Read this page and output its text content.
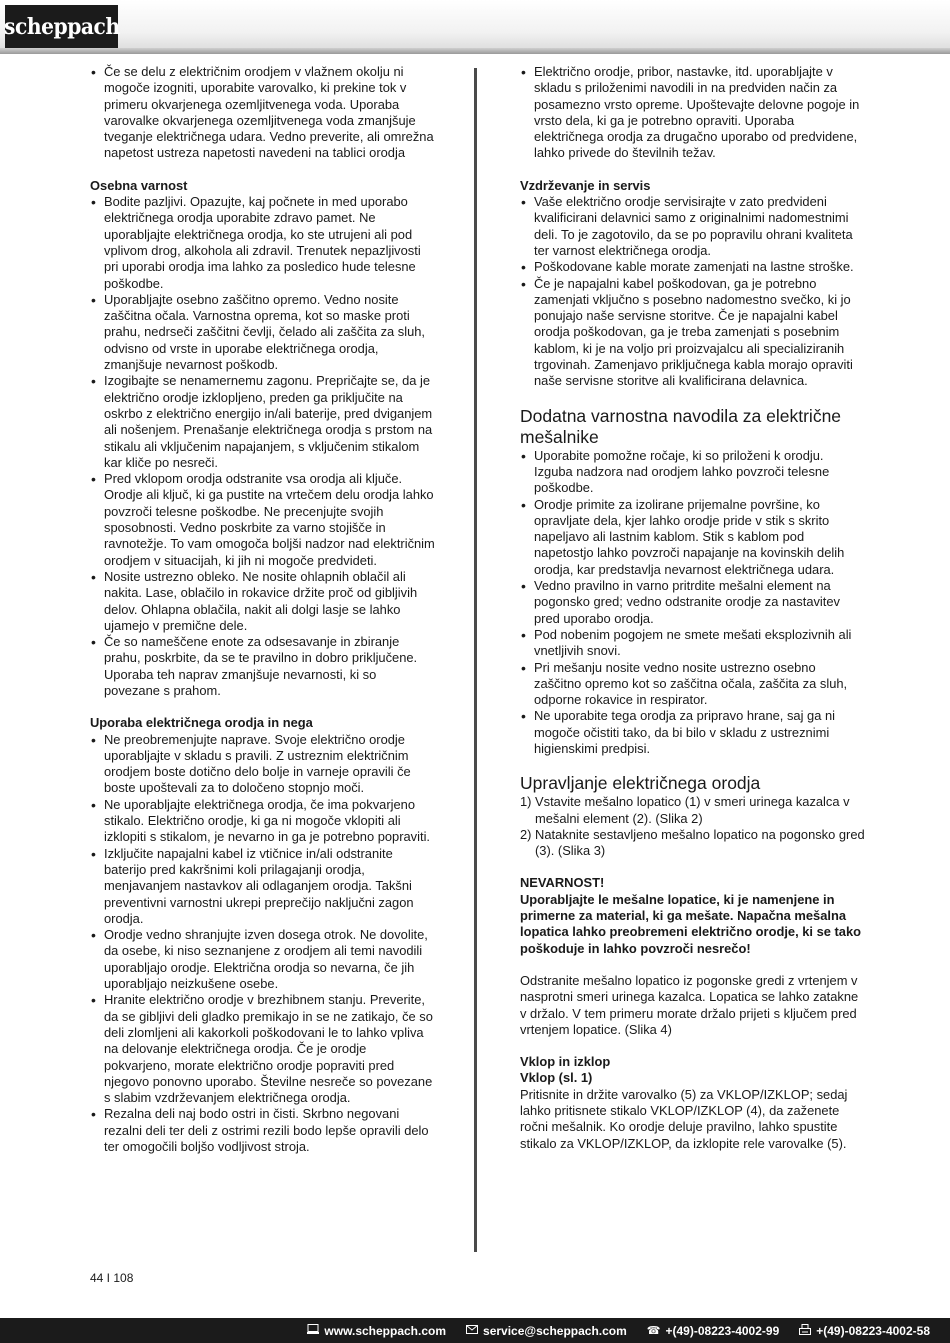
scheppach
• Če se delu z električnim orodjem v vlažnem okolju ni mogoče izogniti, uporabite varovalko, ki prekine tok v primeru okvarjenega ozemljitvenega voda. Uporaba varovalke okvarjenega ozemljitvenega voda zmanjšuje tveganje električnega udara. Vedno preverite, ali omrežna napetost ustreza napetosti navedeni na tablici orodja

Osebna varnost

• Bodite pazljivi. Opazujte, kaj počnete in med uporabo električnega orodja uporabite zdravo pamet. Ne uporabljajte električnega orodja, ko ste utrujeni ali pod vplivom drog, alkohola ali zdravil. Trenutek nepazljivosti pri uporabi orodja ima lahko za posledico hude telesne poškodbe.
• Uporabljajte osebno zaščitno opremo. Vedno nosite zaščitna očala. Varnostna oprema, kot so maske proti prahu, nedrseči zaščitni čevlji, čelado ali zaščita za sluh, odvisno od vrste in uporabe električnega orodja, zmanjšuje nevarnost poškodb.
• Izogibajte se nenamernemu zagonu. Prepričajte se, da je električno orodje izklopljeno, preden ga priključite na oskrbo z električno energijo in/ali baterije, pred dviganjem ali nošenjem. Prenašanje električnega orodja s prstom na stikalu ali vključenim napajanjem, s vključenim stikalom kar kliče po nesreči.
• Pred vklopom orodja odstranite vsa orodja ali ključe. Orodje ali ključ, ki ga pustite na vrtečem delu orodja lahko povzroči telesne poškodbe. Ne precenjujte svojih sposobnosti. Vedno poskrbite za varno stojišče in ravnotežje. To vam omogoča boljši nadzor nad električnim orodjem v situacijah, ki jih ni mogoče predvideti.
• Nosite ustrezno obleko. Ne nosite ohlapnih oblačil ali nakita. Lase, oblačilo in rokavice držite proč od gibljivih delov. Ohlapna oblačila, nakit ali dolgi lasje se lahko ujamejo v premične dele.
• Če so nameščene enote za odsesavanje in zbiranje prahu, poskrbite, da se te pravilno in dobro priključene. Uporaba teh naprav zmanjšuje nevarnosti, ki so povezane s prahom.

Uporaba električnega orodja in nega

• Ne preobremenjujte naprave. Svoje električno orodje uporabljajte v skladu s pravili. Z ustreznim električnim orodjem boste dotično delo bolje in varneje opravili če boste upoštevali za to določeno stopnjo moči.
• Ne uporabljajte električnega orodja, če ima pokvarjeno stikalo. Električno orodje, ki ga ni mogoče vklopiti ali izklopiti s stikalom, je nevarno in ga je potrebno popraviti.
• Izključite napajalni kabel iz vtičnice in/ali odstranite baterijo pred kakršnimi koli prilagajanji orodja, menjavanjem nastavkov ali odlaganjem orodja. Takšni preventivni varnostni ukrepi preprečijo naključni zagon orodja.
• Orodje vedno shranjujte izven dosega otrok. Ne dovolite, da osebe, ki niso seznanjene z orodjem ali temi navodili uporabljajo orodje. Električna orodja so nevarna, če jih uporabljajo neizkušene osebe.
• Hranite električno orodje v brezhibnem stanju. Preverite, da se gibljivi deli gladko premikajo in se ne zatikajo, če so deli zlomljeni ali kakorkoli poškodovani le to lahko vpliva na delovanje električnega orodja. Če je orodje pokvarjeno, morate električno orodje popraviti pred njegovo ponovno uporabo. Številne nesreče so povezane s slabim vzdrževanjem električnega orodja.
• Rezalna deli naj bodo ostri in čisti. Skrbno negovani rezalni deli ter deli z ostrimi rezili bodo lepše opravili delo ter omogočili boljšo vodljivost stroja.
• Električno orodje, pribor, nastavke, itd. uporabljajte v skladu s priloženimi navodili in na predviden način za posamezno vrsto opreme. Upoštevajte delovne pogoje in vrsto dela, ki ga je potrebno opraviti. Uporaba električnega orodja za drugačno uporabo od predvidene, lahko privede do številnih težav.

Vzdrževanje in servis

• Vaše električno orodje servisirajte v zato predvideni kvalificirani delavnici samo z originalnimi nadomestnimi deli. To je zagotovilo, da se po popravilu ohrani kvaliteta ter varnost električnega orodja.
• Poškodovane kable morate zamenjati na lastne stroške.
• Če je napajalni kabel poškodovan, ga je potrebno zamenjati vključno s posebno nadomestno svečko, ki jo ponujajo naše servisne storitve. Če je napajalni kabel orodja poškodovan, ga je treba zamenjati s posebnim kablom, ki je na voljo pri proizvajalcu ali specializiranih trgovinah. Zamenjavo priključnega kabla morajo opraviti naše servisne storitve ali kvalificirana delavnica.
Dodatna varnostna navodila za električne mešalnike
• Uporabite pomožne ročaje, ki so priloženi k orodju. Izguba nadzora nad orodjem lahko povzroči telesne poškodbe.
• Orodje primite za izolirane prijemalne površine, ko opravljate dela, kjer lahko orodje pride v stik s skrito napeljavo ali lastnim kablom. Stik s kablom pod napetostjo lahko povzroči napajanje na kovinskih delih orodja, kar predstavlja nevarnost električnega udara.
• Vedno pravilno in varno pritrdite mešalni element na pogonsko gred; vedno odstranite orodje za nastavitev pred uporabo orodja.
• Pod nobenim pogojem ne smete mešati eksplozivnih ali vnetljivih snovi.
• Pri mešanju nosite vedno nosite ustrezno osebno zaščitno opremo kot so zaščitna očala, zaščita za sluh, odporne rokavice in respirator.
• Ne uporabite tega orodja za pripravo hrane, saj ga ni mogoče očistiti tako, da bi bilo v skladu z ustreznimi higienskimi predpisi.
Upravljanje električnega orodja
1) Vstavite mešalno lopatico (1) v smeri urinega kazalca v mešalni element (2). (Slika 2)
2) Nataknite sestavljeno mešalno lopatico na pogonsko gred (3). (Slika 3)

NEVARNOST!

Uporabljajte le mešalne lopatice, ki je namenjene in primerne za material, ki ga mešate. Napačna mešalna lopatica lahko preobremeni električno orodje, ki se tako poškoduje in lahko povzroči nesrečo!

Odstranite mešalno lopatico iz pogonske gredi z vrtenjem v nasprotni smeri urinega kazalca. Lopatica se lahko zatakne v držalo. V tem primeru morate držalo prijeti s ključem pred vrtenjem lopatice. (Slika 4)

Vklop in izklop

Vklop (sl. 1)

Pritisnite in držite varovalko (5) za VKLOP/IZKLOP; sedaj lahko pritisnete stikalo VKLOP/IZKLOP (4), da zaženete ročni mešalnik. Ko orodje deluje pravilno, lahko spustite stikalo za VKLOP/IZKLOP, da izklopite rele varovalke (5).

44 I 108
www.scheppach.com	service@scheppach.com ☎ +(49)-08223-4002-99	+(49)-08223-4002-58
